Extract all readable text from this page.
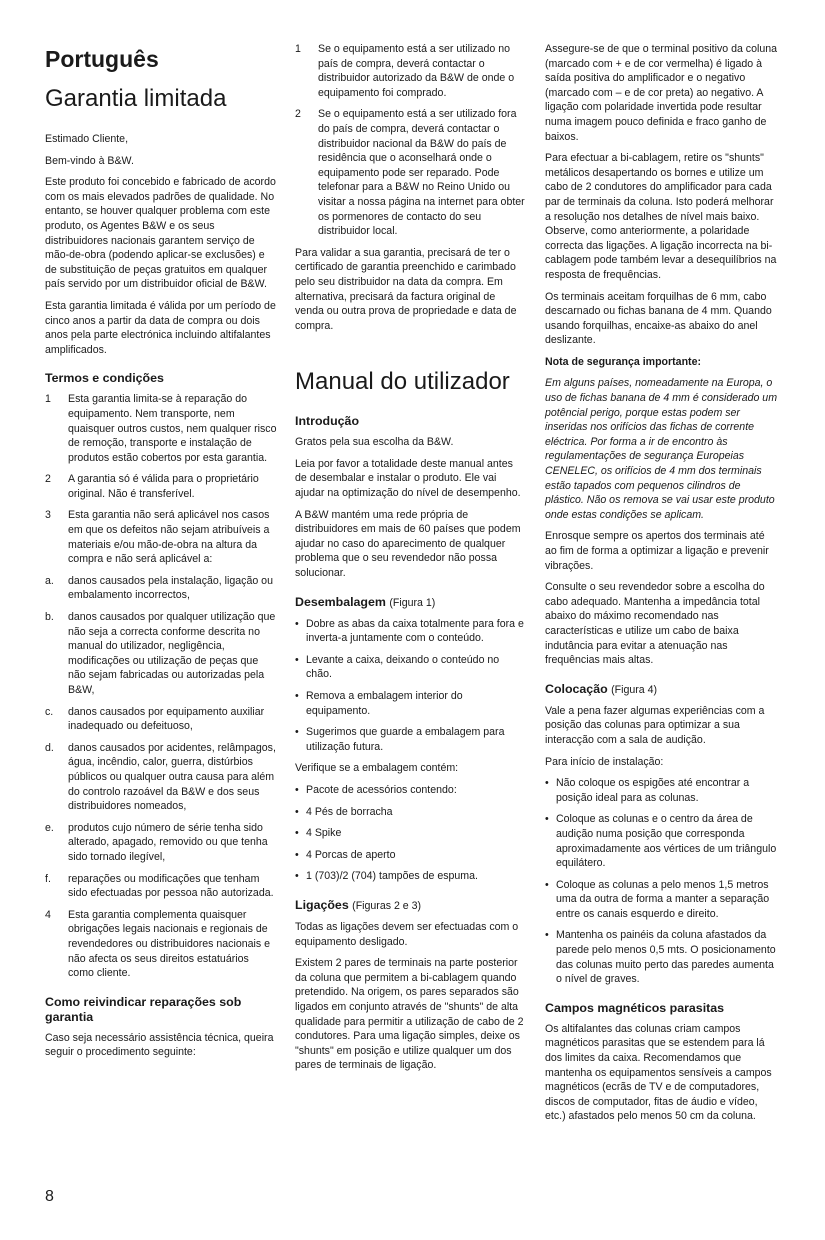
Português
Garantia limitada

Estimado Cliente,

Bem-vindo à B&W.

Este produto foi concebido e fabricado de acordo com os mais elevados padrões de qualidade. No entanto, se houver qualquer problema com este produto, os Agentes B&W e os seus distribuidores nacionais garantem serviço de mão-de-obra (podendo aplicar-se exclusões) e de substituição de peças gratuitos em qualquer país servido por um distribuidor oficial de B&W.

Esta garantia limitada é válida por um período de cinco anos a partir da data de compra ou dois anos pela parte electrónica incluindo altifalantes amplificados.

Termos e condições
1	Esta garantia limita-se à reparação do equipamento. Nem transporte, nem quaisquer outros custos, nem qualquer risco de remoção, transporte e instalação de produtos estão cobertos por esta garantia.
2	A garantia só é válida para o proprietário original. Não é transferível.
3	Esta garantia não será aplicável nos casos em que os defeitos não sejam atribuíveis a materiais e/ou mão-de-obra na altura da compra e não será aplicável a:
a.	danos causados pela instalação, ligação ou embalamento incorrectos,
b.	danos causados por qualquer utilização que não seja a correcta conforme descrita no manual do utilizador, negligência, modificações ou utilização de peças que não sejam fabricadas ou autorizadas pela B&W,
c.	danos causados por equipamento auxiliar inadequado ou defeituoso,
d.	danos causados por acidentes, relâmpagos, água, incêndio, calor, guerra, distúrbios públicos ou qualquer outra causa para além do controlo razoável da B&W e dos seus distribuidores nomeados,
e.	produtos cujo número de série tenha sido alterado, apagado, removido ou que tenha sido tornado ilegível,
f.	reparações ou modificações que tenham sido efectuadas por pessoa não autorizada.
4	Esta garantia complementa quaisquer obrigações legais nacionais e regionais de revendedores ou distribuidores nacionais e não afecta os seus direitos estatuários como cliente.
Como reivindicar reparações sob garantia

Caso seja necessário assistência técnica, queira seguir o procedimento seguinte:

1	Se o equipamento está a ser utilizado no país de compra, deverá contactar o distribuidor autorizado da B&W de onde o equipamento foi comprado.
2	Se o equipamento está a ser utilizado fora do país de compra, deverá contactar o distribuidor nacional da B&W do país de residência que o aconselhará onde o equipamento pode ser reparado. Pode telefonar para a B&W no Reino Unido ou visitar a nossa página na internet para obter os pormenores de contacto do seu distribuidor local.

Para validar a sua garantia, precisará de ter o certificado de garantia preenchido e carimbado pelo seu distribuidor na data da compra. Em alternativa, precisará da factura original de venda ou outra prova de propriedade e data de compra.

Manual do utilizador
Introdução

Gratos pela sua escolha da B&W.

Leia por favor a totalidade deste manual antes de desembalar e instalar o produto. Ele vai ajudar na optimização do nível de desempenho.

A B&W mantém uma rede própria de distribuidores em mais de 60 países que podem ajudar no caso do aparecimento de qualquer problema que o seu revendedor não possa solucionar.

Desembalagem (Figura 1)
• Dobre as abas da caixa totalmente para fora e inverta-a juntamente com o conteúdo.
• Levante a caixa, deixando o conteúdo no chão.
• Remova a embalagem interior do equipamento.
• Sugerimos que guarde a embalagem para utilização futura.

Verifique se a embalagem contém:

• Pacote de acessórios contendo:
• 4 Pés de borracha
• 4 Spike
• 4 Porcas de aperto
• 1 (703)/2 (704) tampões de espuma.
Ligações (Figuras 2 e 3)

Todas as ligações devem ser efectuadas com o equipamento desligado.

Existem 2 pares de terminais na parte posterior da coluna que permitem a bi-cablagem quando pretendido. Na origem, os pares separados são ligados em conjunto através de "shunts" de alta qualidade para permitir a utilização de cabo de 2 condutores. Para uma ligação simples, deixe os "shunts" em posição e utilize qualquer um dos pares de terminais de ligação.

Assegure-se de que o terminal positivo da coluna (marcado com + e de cor vermelha) é ligado à saída positiva do amplificador e o negativo (marcado com – e de cor preta) ao negativo. A ligação com polaridade invertida pode resultar numa imagem pouco definida e fraco ganho de baixos.

Para efectuar a bi-cablagem, retire os "shunts" metálicos desapertando os bornes e utilize um cabo de 2 condutores do amplificador para cada par de terminais da coluna. Isto poderá melhorar a resolução nos detalhes de nível mais baixo. Observe, como anteriormente, a polaridade correcta das ligações. A ligação incorrecta na bi-cablagem pode também levar a desequilíbrios na resposta de frequências.

Os terminais aceitam forquilhas de 6 mm, cabo descarnado ou fichas banana de 4 mm. Quando usando forquilhas, encaixe-as abaixo do anel deslizante.

Nota de segurança importante:

Em alguns países, nomeadamente na Europa, o uso de fichas banana de 4 mm é considerado um potêncial perigo, porque estas podem ser inseridas nos orifícios das fichas de corrente eléctrica. Por forma a ir de encontro às regulamentações de segurança Europeias CENELEC, os orifícios de 4 mm dos terminais estão tapados com pequenos cilindros de plástico. Não os remova se vai usar este produto onde estas condições se aplicam.

Enrosque sempre os apertos dos terminais até ao fim de forma a optimizar a ligação e prevenir vibrações.

Consulte o seu revendedor sobre a escolha do cabo adequado. Mantenha a impedância total abaixo do máximo recomendado nas características e utilize um cabo de baixa indutância para evitar a atenuação nas frequências mais altas.

Colocação (Figura 4)

Vale a pena fazer algumas experiências com a posição das colunas para optimizar a sua interacção com a sala de audição.

Para início de instalação:

• Não coloque os espigões até encontrar a posição ideal para as colunas.
• Coloque as colunas e o centro da área de audição numa posição que corresponda aproximadamente aos vértices de um triângulo equilátero.
• Coloque as colunas a pelo menos 1,5 metros uma da outra de forma a manter a separação entre os canais esquerdo e direito.
• Mantenha os painéis da coluna afastados da parede pelo menos 0,5 mts. O posicionamento das colunas muito perto das paredes aumenta o nível de graves.
Campos magnéticos parasitas

Os altifalantes das colunas criam campos magnéticos parasitas que se estendem para lá dos limites da caixa. Recomendamos que mantenha os equipamentos sensíveis a campos magnéticos (ecrãs de TV e de computadores, discos de computador, fitas de áudio e vídeo, etc.) afastados pelo menos 50 cm da coluna.

8
